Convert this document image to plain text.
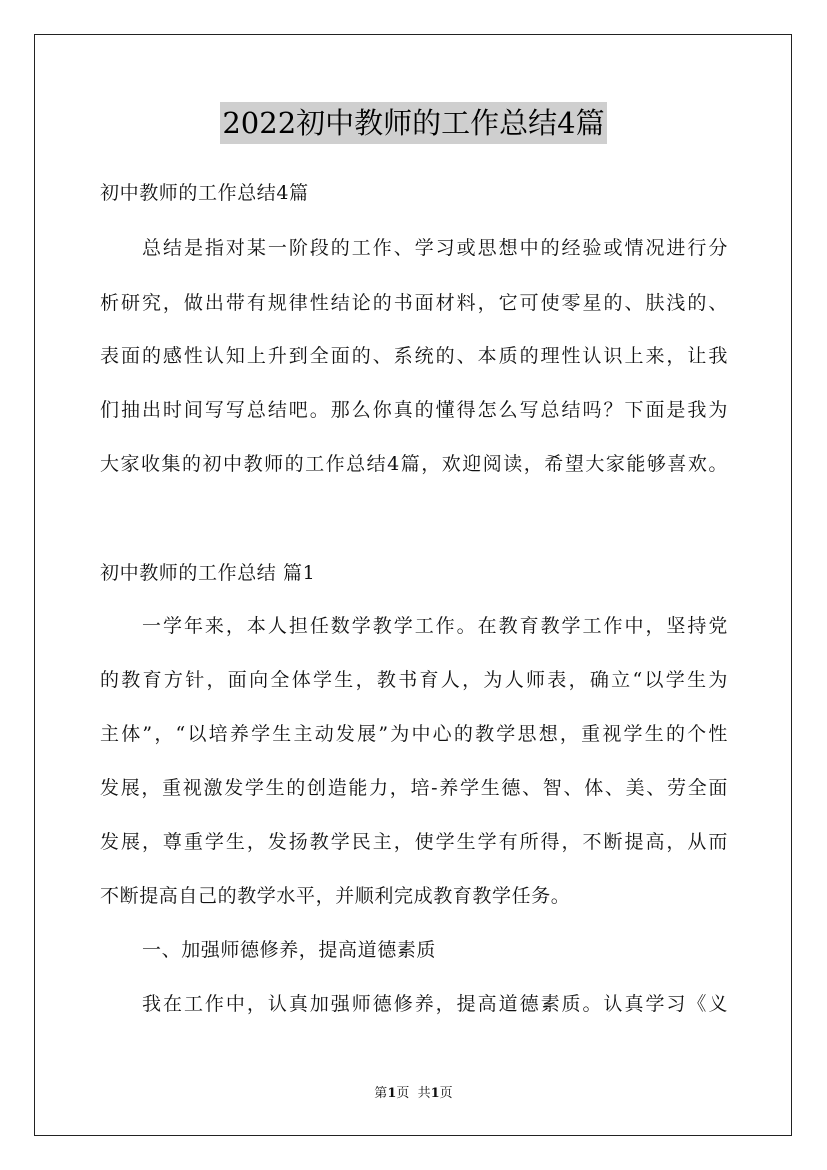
2022初中教师的工作总结4篇
初中教师的工作总结4篇
总结是指对某一阶段的工作、学习或思想中的经验或情况进行分
析研究，做出带有规律性结论的书面材料，它可使零星的、肤浅的、
表面的感性认知上升到全面的、系统的、本质的理性认识上来，让我
们抽出时间写写总结吧。那么你真的懂得怎么写总结吗？下面是我为
大家收集的初中教师的工作总结4篇，欢迎阅读，希望大家能够喜欢。
初中教师的工作总结 篇1
一学年来，本人担任数学教学工作。在教育教学工作中，坚持党
的教育方针，面向全体学生，教书育人，为人师表，确立“以学生为
主体”，“以培养学生主动发展”为中心的教学思想，重视学生的个性
发展，重视激发学生的创造能力，培-养学生德、智、体、美、劳全面
发展，尊重学生，发扬教学民主，使学生学有所得，不断提高，从而
不断提高自己的教学水平，并顺利完成教育教学任务。
一、加强师德修养，提高道德素质
我在工作中，认真加强师德修养，提高道德素质。认真学习《义
第1页  共1页
